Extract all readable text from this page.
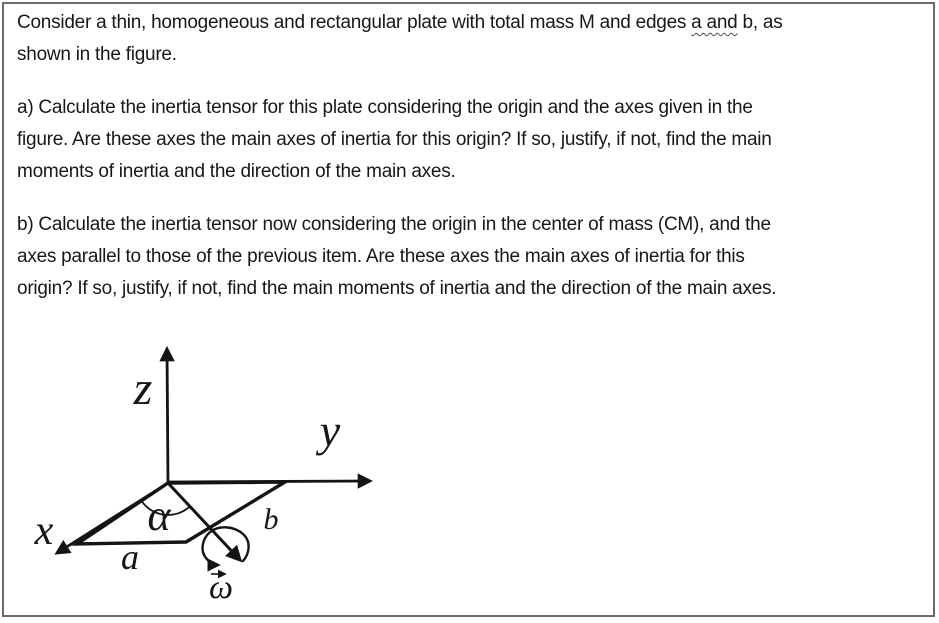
Consider a thin, homogeneous and rectangular plate with total mass M and edges a and b, as
shown in the figure.

a) Calculate the inertia tensor for this plate considering the origin and the axes given in the
figure. Are these axes the main axes of inertia for this origin? If so, justify, if not, find the main
moments of inertia and the direction of the main axes.

b) Calculate the inertia tensor now considering the origin in the center of mass (CM), and the
axes parallel to those of the previous item. Are these axes the main axes of inertia for this
origin? If so, justify, if not, find the main moments of inertia and the direction of the main axes.

z
y
x α
a
b
ω
